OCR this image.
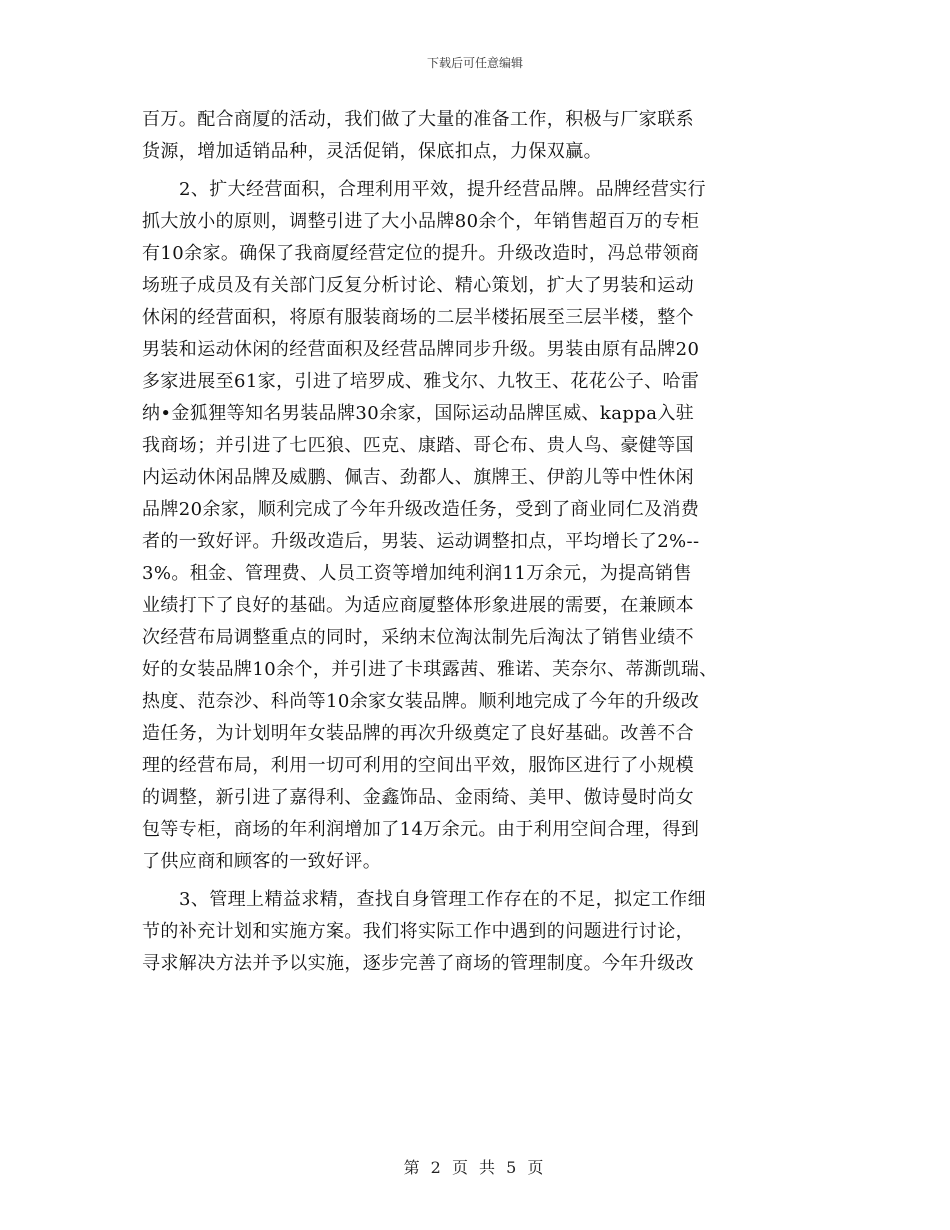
下载后可任意编辑
百万。配合商厦的活动，我们做了大量的准备工作，积极与厂家联系
货源，增加适销品种，灵活促销，保底扣点，力保双赢。
2、扩大经营面积，合理利用平效，提升经营品牌。品牌经营实行
抓大放小的原则，调整引进了大小品牌80余个，年销售超百万的专柜
有10余家。确保了我商厦经营定位的提升。升级改造时，冯总带领商
场班子成员及有关部门反复分析讨论、精心策划，扩大了男装和运动
休闲的经营面积，将原有服装商场的二层半楼拓展至三层半楼，整个
男装和运动休闲的经营面积及经营品牌同步升级。男装由原有品牌20
多家进展至61家，引进了培罗成、雅戈尔、九牧王、花花公子、哈雷
纳•金狐狸等知名男装品牌30余家，国际运动品牌匡威、kappa入驻
我商场；并引进了七匹狼、匹克、康踏、哥仑布、贵人鸟、豪健等国
内运动休闲品牌及威鹏、佩吉、劲都人、旗牌王、伊韵儿等中性休闲
品牌20余家，顺利完成了今年升级改造任务，受到了商业同仁及消费
者的一致好评。升级改造后，男装、运动调整扣点，平均增长了2%--
3%。租金、管理费、人员工资等增加纯利润11万余元，为提高销售
业绩打下了良好的基础。为适应商厦整体形象进展的需要，在兼顾本
次经营布局调整重点的同时，采纳末位淘汰制先后淘汰了销售业绩不
好的女装品牌10余个，并引进了卡琪露茜、雅诺、芙奈尔、蒂澌凯瑞、
热度、范奈沙、科尚等10余家女装品牌。顺利地完成了今年的升级改
造任务，为计划明年女装品牌的再次升级奠定了良好基础。改善不合
理的经营布局，利用一切可利用的空间出平效，服饰区进行了小规模
的调整，新引进了嘉得利、金鑫饰品、金雨绮、美甲、傲诗曼时尚女
包等专柜，商场的年利润增加了14万余元。由于利用空间合理，得到
了供应商和顾客的一致好评。
3、管理上精益求精，查找自身管理工作存在的不足，拟定工作细
节的补充计划和实施方案。我们将实际工作中遇到的问题进行讨论，
寻求解决方法并予以实施，逐步完善了商场的管理制度。今年升级改
第 2 页 共 5 页
